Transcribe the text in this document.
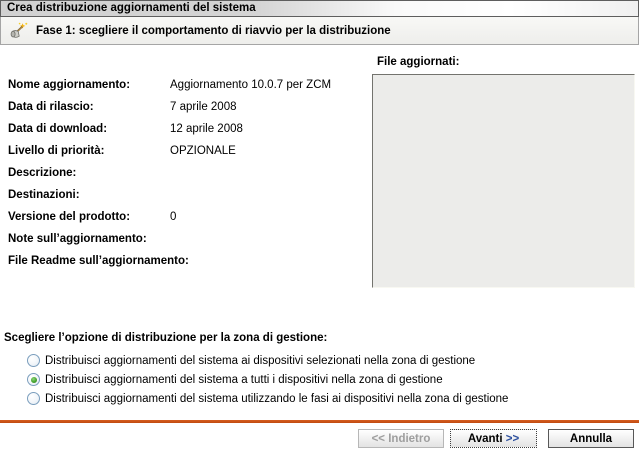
Crea distribuzione aggiornamenti del sistema
Fase 1: scegliere il comportamento di riavvio per la distribuzione
Nome aggiornamento:	Aggiornamento 10.0.7 per ZCM
Data di rilascio:	7 aprile 2008
Data di download:	12 aprile 2008
Livello di priorità:	OPZIONALE
Descrizione:
Destinazioni:
Versione del prodotto:	0
Note sull’aggiornamento:
File Readme sull’aggiornamento:
File aggiornati:
Scegliere l’opzione di distribuzione per la zona di gestione:
Distribuisci aggiornamenti del sistema ai dispositivi selezionati nella zona di gestione
Distribuisci aggiornamenti del sistema a tutti i dispositivi nella zona di gestione
Distribuisci aggiornamenti del sistema utilizzando le fasi ai dispositivi nella zona di gestione
<< Indietro	Avanti >>	Annulla
